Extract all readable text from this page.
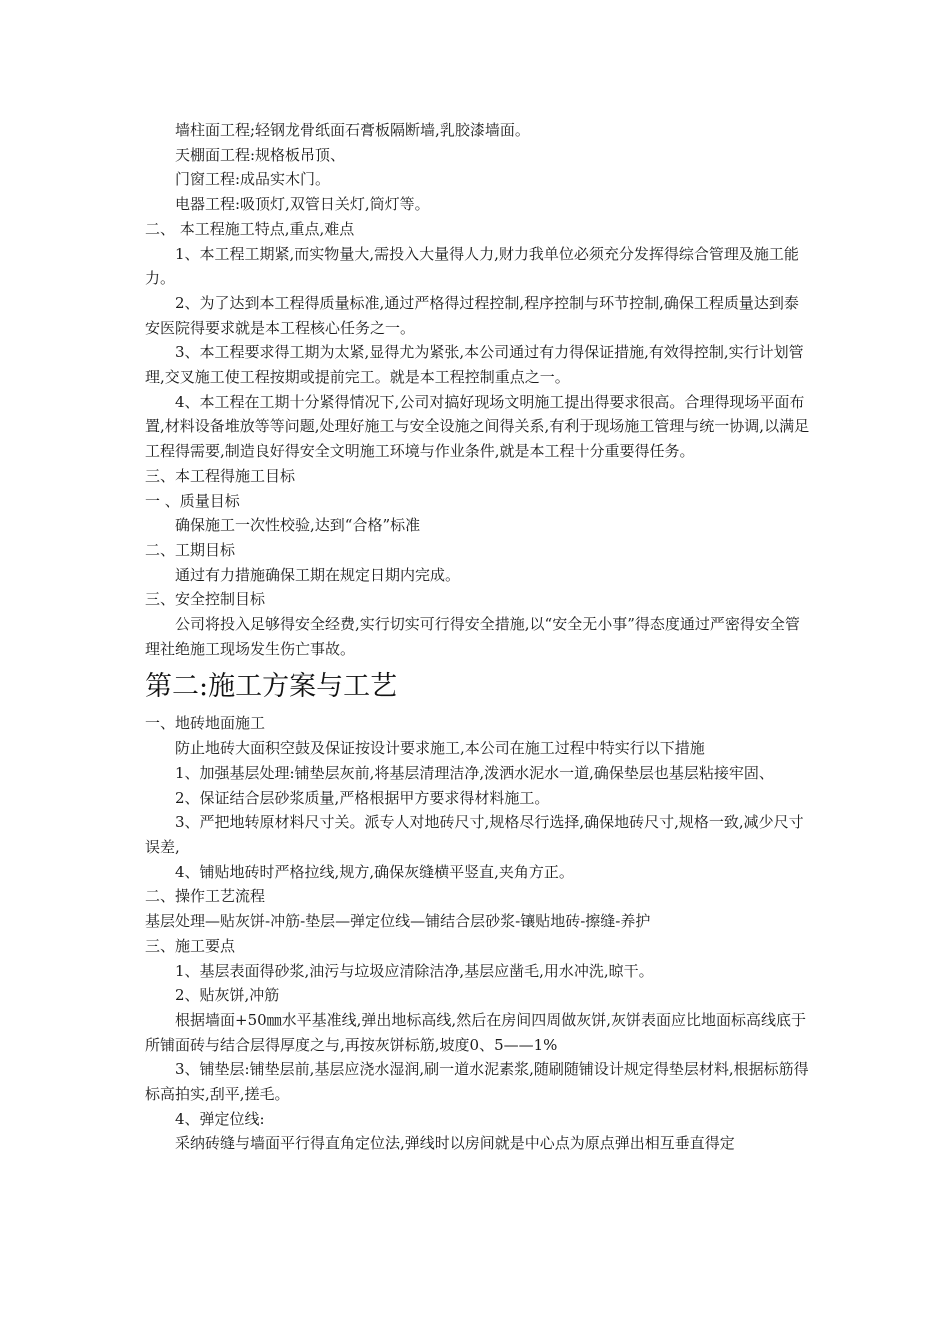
墙柱面工程;轻钢龙骨纸面石膏板隔断墙,乳胶漆墙面。

天棚面工程:规格板吊顶、

门窗工程:成品实木门。

电器工程:吸顶灯,双管日关灯,筒灯等。

二、 本工程施工特点,重点,难点

1、本工程工期紧,而实物量大,需投入大量得人力,财力我单位必须充分发挥得综合管理及施工能力。

2、为了达到本工程得质量标准,通过严格得过程控制,程序控制与环节控制,确保工程质量达到泰安医院得要求就是本工程核心任务之一。

3、本工程要求得工期为太紧,显得尤为紧张,本公司通过有力得保证措施,有效得控制,实行计划管理,交叉施工使工程按期或提前完工。就是本工程控制重点之一。

4、本工程在工期十分紧得情况下,公司对搞好现场文明施工提出得要求很高。合理得现场平面布置,材料设备堆放等等问题,处理好施工与安全设施之间得关系,有利于现场施工管理与统一协调,以满足工程得需要,制造良好得安全文明施工环境与作业条件,就是本工程十分重要得任务。

三、本工程得施工目标

一 、质量目标

确保施工一次性校验,达到“合格”标准

二、工期目标

通过有力措施确保工期在规定日期内完成。

三、安全控制目标

公司将投入足够得安全经费,实行切实可行得安全措施,以“安全无小事”得态度通过严密得安全管理社绝施工现场发生伤亡事故。

第二:施工方案与工艺

一、地砖地面施工

防止地砖大面积空鼓及保证按设计要求施工,本公司在施工过程中特实行以下措施

1、加强基层处理:铺垫层灰前,将基层清理洁净,泼洒水泥水一道,确保垫层也基层粘接牢固、

2、保证结合层砂浆质量,严格根据甲方要求得材料施工。

3、严把地转原材料尺寸关。派专人对地砖尺寸,规格尽行选择,确保地砖尺寸,规格一致,减少尺寸误差,

4、铺贴地砖时严格拉线,规方,确保灰缝横平竖直,夹角方正。

二、操作工艺流程

基层处理—贴灰饼-冲筋-垫层—弹定位线—铺结合层砂浆-镶贴地砖-擦缝-养护

三、施工要点

1、基层表面得砂浆,油污与垃圾应清除洁净,基层应凿毛,用水冲洗,晾干。

2、贴灰饼,冲筋

根据墙面+50㎜水平基准线,弹出地标高线,然后在房间四周做灰饼,灰饼表面应比地面标高线底于所铺面砖与结合层得厚度之与,再按灰饼标筋,坡度0、5——1%

3、铺垫层:铺垫层前,基层应浇水湿润,刷一道水泥素浆,随刷随铺设计规定得垫层材料,根据标筋得标高拍实,刮平,搓毛。

4、弹定位线:

采纳砖缝与墙面平行得直角定位法,弹线时以房间就是中心点为原点弹出相互垂直得定
